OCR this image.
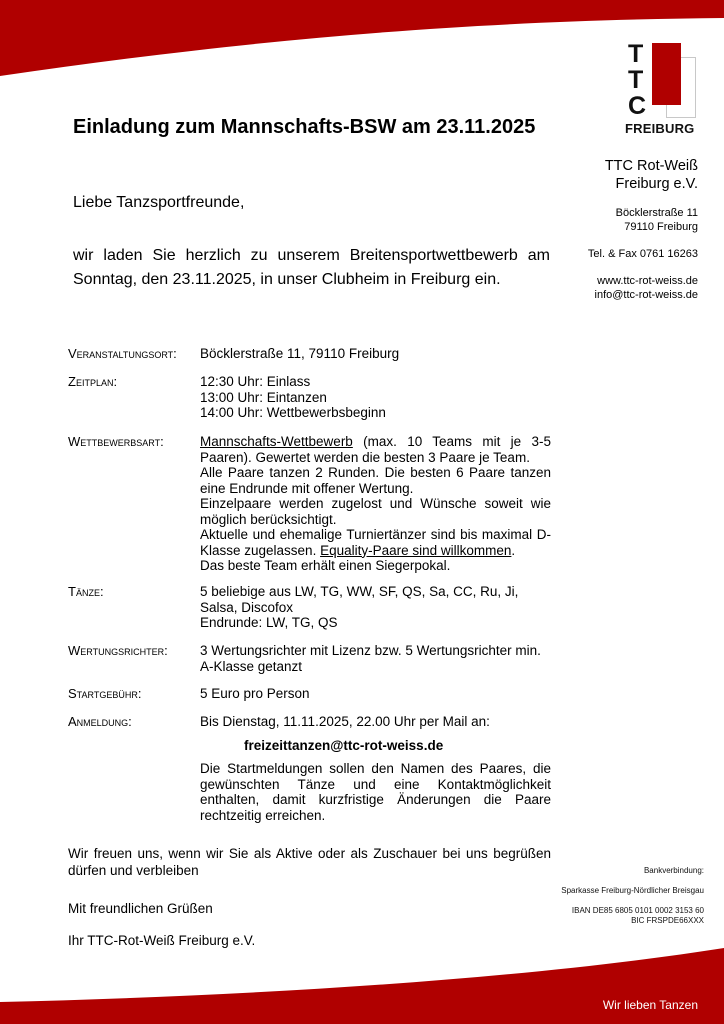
T
T
C
FREIBURG
TTC Rot-Weiß
Freiburg e.V.
Böcklerstraße 11
79110 Freiburg
Tel. & Fax 0761 16263
www.ttc-rot-weiss.de
info@ttc-rot-weiss.de
Einladung zum Mannschafts-BSW am 23.11.2025
Liebe Tanzsportfreunde,
wir laden Sie herzlich zu unserem Breitensportwettbewerb am Sonntag, den 23.11.2025, in unser Clubheim in Freiburg ein.
Veranstaltungsort:	Böcklerstraße 11, 79110 Freiburg
Zeitplan:	12:30 Uhr: Einlass
13:00 Uhr: Eintanzen
14:00 Uhr: Wettbewerbsbeginn
Wettbewerbsart:	Mannschafts-Wettbewerb (max. 10 Teams mit je 3-5 Paaren). Gewertet werden die besten 3 Paare je Team.
Alle Paare tanzen 2 Runden. Die besten 6 Paare tanzen eine Endrunde mit offener Wertung.
Einzelpaare werden zugelost und Wünsche soweit wie möglich berücksichtigt.
Aktuelle und ehemalige Turniertänzer sind bis maximal D-Klasse zugelassen. Equality-Paare sind willkommen.
Das beste Team erhält einen Siegerpokal.
Tänze:	5 beliebige aus LW, TG, WW, SF, QS, Sa, CC, Ru, Ji, Salsa, Discofox
Endrunde: LW, TG, QS
Wertungsrichter:	3 Wertungsrichter mit Lizenz bzw. 5 Wertungsrichter min. A-Klasse getanzt
Startgebühr:	5 Euro pro Person
Anmeldung:	Bis Dienstag, 11.11.2025, 22.00 Uhr per Mail an:
freizeittanzen@ttc-rot-weiss.de
Die Startmeldungen sollen den Namen des Paares, die gewünschten Tänze und eine Kontaktmöglichkeit enthalten, damit kurzfristige Änderungen die Paare rechtzeitig erreichen.
Wir freuen uns, wenn wir Sie als Aktive oder als Zuschauer bei uns begrüßen dürfen und verbleiben
Mit freundlichen Grüßen
Ihr TTC-Rot-Weiß Freiburg e.V.
Bankverbindung:
Sparkasse Freiburg-Nördlicher Breisgau
IBAN DE85 6805 0101 0002 3153 60
BIC FRSPDE66XXX
Wir lieben Tanzen
